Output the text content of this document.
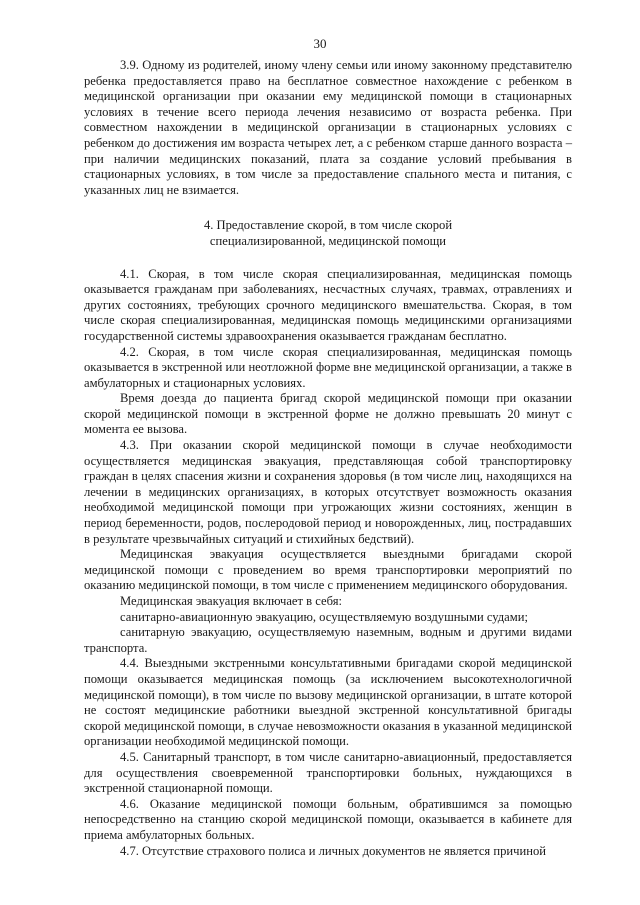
30

3.9. Одному из родителей, иному члену семьи или иному законному представителю ребенка предоставляется право на бесплатное совместное нахождение с ребенком в медицинской организации при оказании ему медицинской помощи в стационарных условиях в течение всего периода лечения независимо от возраста ребенка. При совместном нахождении в медицинской организации в стационарных условиях с ребенком до достижения им возраста четырех лет, а с ребенком старше данного возраста – при наличии медицинских показаний, плата за создание условий пребывания в стационарных условиях, в том числе за предоставление спального места и питания, с указанных лиц не взимается.

4. Предоставление скорой, в том числе скорой

специализированной, медицинской помощи

4.1. Скорая, в том числе скорая специализированная, медицинская помощь оказывается гражданам при заболеваниях, несчастных случаях, травмах, отравлениях и других состояниях, требующих срочного медицинского вмешательства. Скорая, в том числе скорая специализированная, медицинская помощь медицинскими организациями государственной системы здравоохранения оказывается гражданам бесплатно.

4.2. Скорая, в том числе скорая специализированная, медицинская помощь оказывается в экстренной или неотложной форме вне медицинской организации, а также в амбулаторных и стационарных условиях.

Время доезда до пациента бригад скорой медицинской помощи при оказании скорой медицинской помощи в экстренной форме не должно превышать 20 минут с момента ее вызова.

4.3. При оказании скорой медицинской помощи в случае необходимости осуществляется медицинская эвакуация, представляющая собой транспортировку граждан в целях спасения жизни и сохранения здоровья (в том числе лиц, находящихся на лечении в медицинских организациях, в которых отсутствует возможность оказания необходимой медицинской помощи при угрожающих жизни состояниях, женщин в период беременности, родов, послеродовой период и новорожденных, лиц, пострадавших в результате чрезвычайных ситуаций и стихийных бедствий).

Медицинская эвакуация осуществляется выездными бригадами скорой медицинской помощи с проведением во время транспортировки мероприятий по оказанию медицинской помощи, в том числе с применением медицинского оборудования.

Медицинская эвакуация включает в себя:

санитарно-авиационную эвакуацию, осуществляемую воздушными судами;

санитарную эвакуацию, осуществляемую наземным, водным и другими видами транспорта.

4.4. Выездными экстренными консультативными бригадами скорой медицинской помощи оказывается медицинская помощь (за исключением высокотехнологичной медицинской помощи), в том числе по вызову медицинской организации, в штате которой не состоят медицинские работники выездной экстренной консультативной бригады скорой медицинской помощи, в случае невозможности оказания в указанной медицинской организации необходимой медицинской помощи.

4.5. Санитарный транспорт, в том числе санитарно-авиационный, предоставляется для осуществления своевременной транспортировки больных, нуждающихся в экстренной стационарной помощи.

4.6. Оказание медицинской помощи больным, обратившимся за помощью непосредственно на станцию скорой медицинской помощи, оказывается в кабинете для приема амбулаторных больных.

4.7. Отсутствие страхового полиса и личных документов не является причиной
